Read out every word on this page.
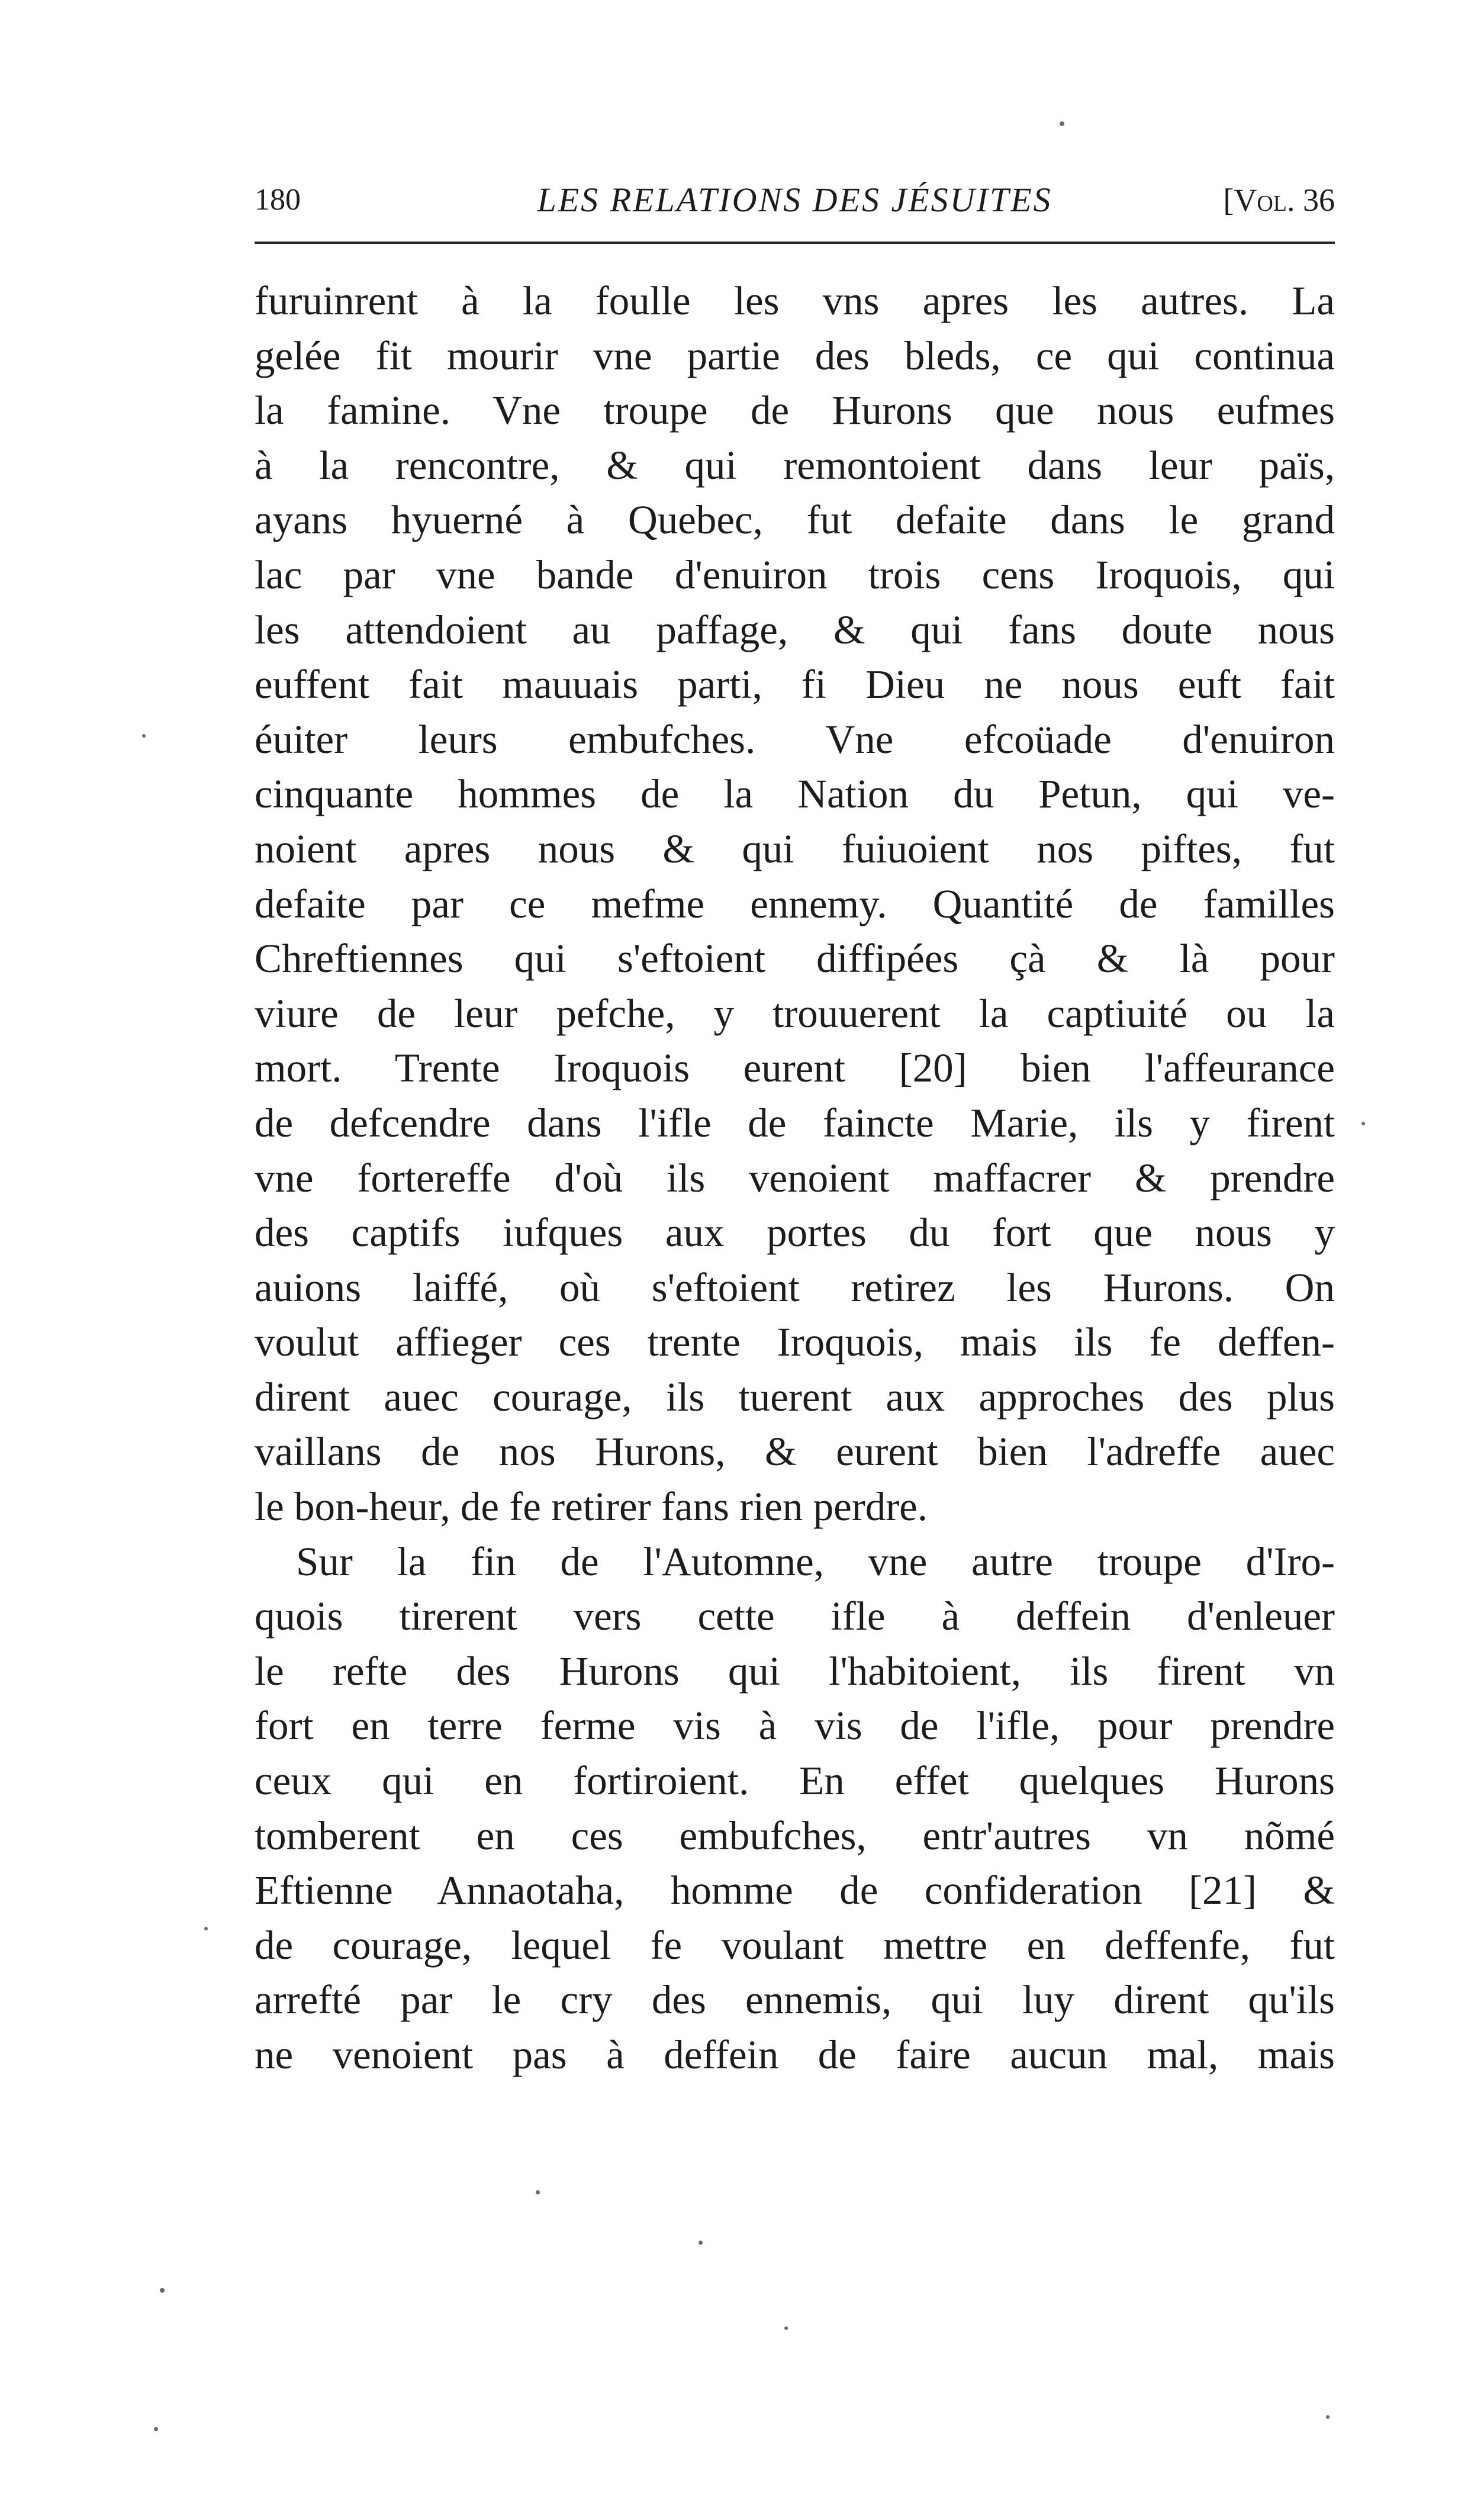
180	LES RELATIONS DES JÉSUITES	[Vol. 36
furuinrent à la foulle les vns apres les autres. La
gelée fit mourir vne partie des bleds, ce qui continua
la famine. Vne troupe de Hurons que nous eufmes
à la rencontre, & qui remontoient dans leur païs,
ayans hyuerné à Quebec, fut defaite dans le grand
lac par vne bande d'enuiron trois cens Iroquois, qui
les attendoient au paffage, & qui fans doute nous
euffent fait mauuais parti, fi Dieu ne nous euft fait
éuiter leurs embufches. Vne efcoüade d'enuiron
cinquante hommes de la Nation du Petun, qui ve-
noient apres nous & qui fuiuoient nos piftes, fut
defaite par ce mefme ennemy. Quantité de familles
Chreftiennes qui s'eftoient diffipées çà & là pour
viure de leur pefche, y trouuerent la captiuité ou la
mort. Trente Iroquois eurent [20] bien l'affeurance
de defcendre dans l'ifle de faincte Marie, ils y firent
vne fortereffe d'où ils venoient maffacrer & prendre
des captifs iufques aux portes du fort que nous y
auions laiffé, où s'eftoient retirez les Hurons. On
voulut affieger ces trente Iroquois, mais ils fe deffen-
dirent auec courage, ils tuerent aux approches des plus
vaillans de nos Hurons, & eurent bien l'adreffe auec
le bon-heur, de fe retirer fans rien perdre.
Sur la fin de l'Automne, vne autre troupe d'Iro-
quois tirerent vers cette ifle à deffein d'enleuer
le refte des Hurons qui l'habitoient, ils firent vn
fort en terre ferme vis à vis de l'ifle, pour prendre
ceux qui en fortiroient. En effet quelques Hurons
tomberent en ces embufches, entr'autres vn nõmé
Eftienne Annaotaha, homme de confideration [21] &
de courage, lequel fe voulant mettre en deffenfe, fut
arrefté par le cry des ennemis, qui luy dirent qu'ils
ne venoient pas à deffein de faire aucun mal, mais
